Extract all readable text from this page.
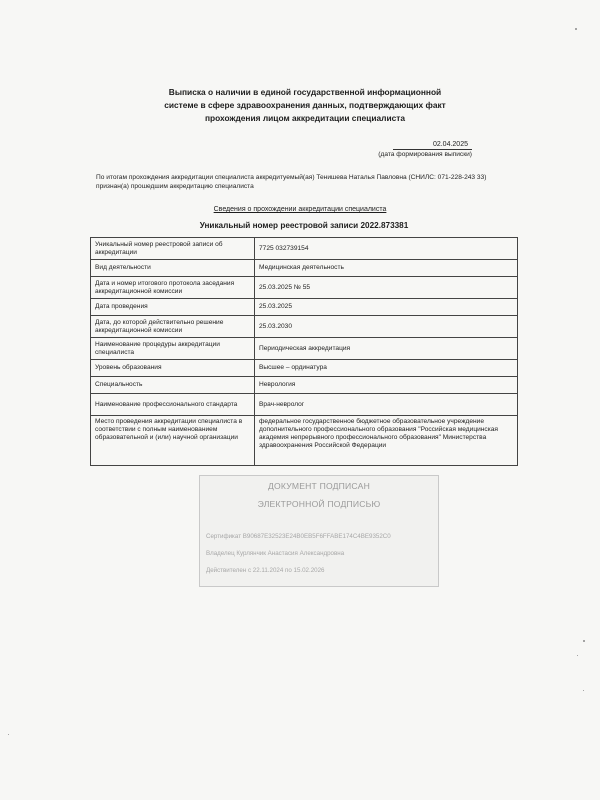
Выписка о наличии в единой государственной информационной
системе в сфере здравоохранения данных, подтверждающих факт
прохождения лицом аккредитации специалиста
02.04.2025
(дата формирования выписки)
По итогам прохождения аккредитации специалиста аккредитуемый(ая) Тенишева Наталья Павловна (СНИЛС: 071-228-243 33) признан(а) прошедшим аккредитацию специалиста
Сведения о прохождении аккредитации специалиста
Уникальный номер реестровой записи 2022.873381
Уникальный номер реестровой записи об аккредитации	7725 032739154
Вид деятельности	Медицинская деятельность
Дата и номер итогового протокола заседания аккредитационной комиссии	25.03.2025 № 55
Дата проведения	25.03.2025
Дата, до которой действительно решение аккредитационной комиссии	25.03.2030
Наименование процедуры аккредитации специалиста	Периодическая аккредитация
Уровень образования	Высшее – ординатура
Специальность	Неврология
Наименование профессионального стандарта	Врач-невролог
Место проведения аккредитации специалиста в соответствии с полным наименованием образовательной и (или) научной организации	федеральное государственное бюджетное образовательное учреждение дополнительного профессионального образования "Российская медицинская академия непрерывного профессионального образования" Министерства здравоохранения Российской Федерации
ДОКУМЕНТ ПОДПИСАН
ЭЛЕКТРОННОЙ ПОДПИСЬЮ
Сертификат B90687E32523E24B0EB5F6FFABE174C4BE9352C0
Владелец Курлянчик Анастасия Александровна
Действителен с 22.11.2024 по 15.02.2026
